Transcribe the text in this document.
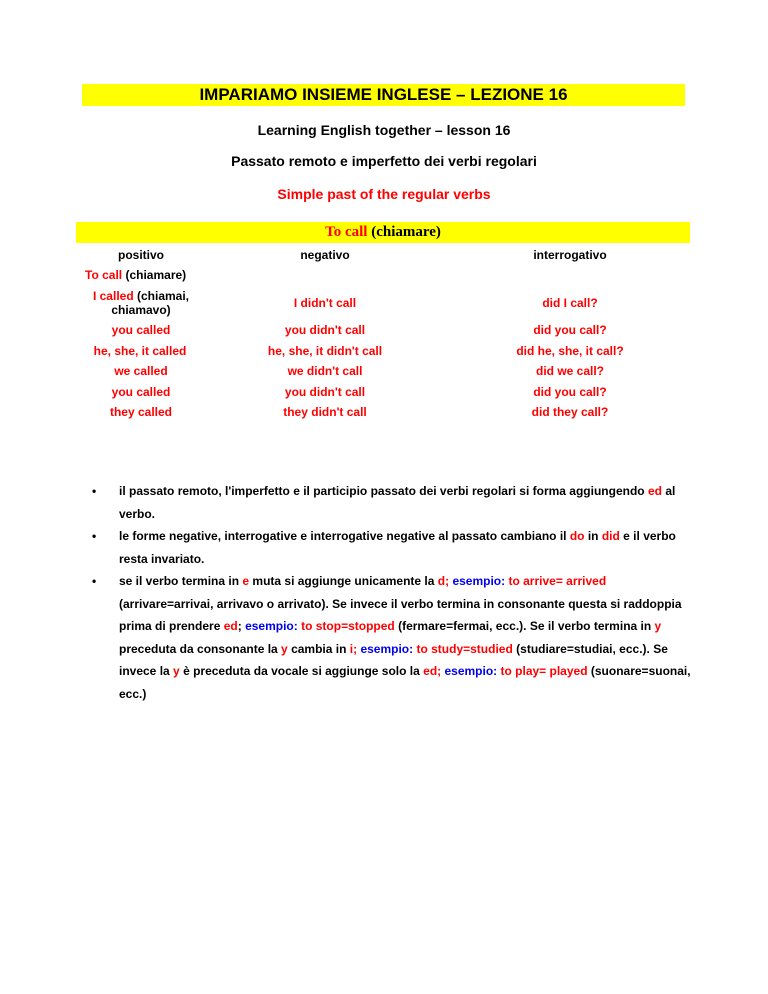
IMPARIAMO INSIEME INGLESE – LEZIONE 16
Learning English together – lesson 16
Passato remoto e imperfetto dei verbi regolari
Simple past of the regular verbs
To call (chiamare)
positivo	negativo	interrogativo
To call (chiamare)
I called (chiamai, chiamavo)	I didn't call	did I call?
you called	you didn't call	did you call?
he, she, it called	he, she, it didn't call	did he, she, it call?
we called	we didn't call	did we call?
you called	you didn't call	did you call?
they called	they didn't call	did they call?
• il passato remoto, l'imperfetto e il participio passato dei verbi regolari si forma aggiungendo ed al verbo.
• le forme negative, interrogative e interrogative negative al passato cambiano il do in did e il verbo resta invariato.
• se il verbo termina in e muta si aggiunge unicamente la d; esempio: to arrive= arrived (arrivare=arrivai, arrivavo o arrivato). Se invece il verbo termina in consonante questa si raddoppia prima di prendere ed; esempio: to stop=stopped (fermare=fermai, ecc.). Se il verbo termina in y preceduta da consonante la y cambia in i; esempio: to study=studied (studiare=studiai, ecc.). Se invece la y è preceduta da vocale si aggiunge solo la ed; esempio: to play= played (suonare=suonai, ecc.)
